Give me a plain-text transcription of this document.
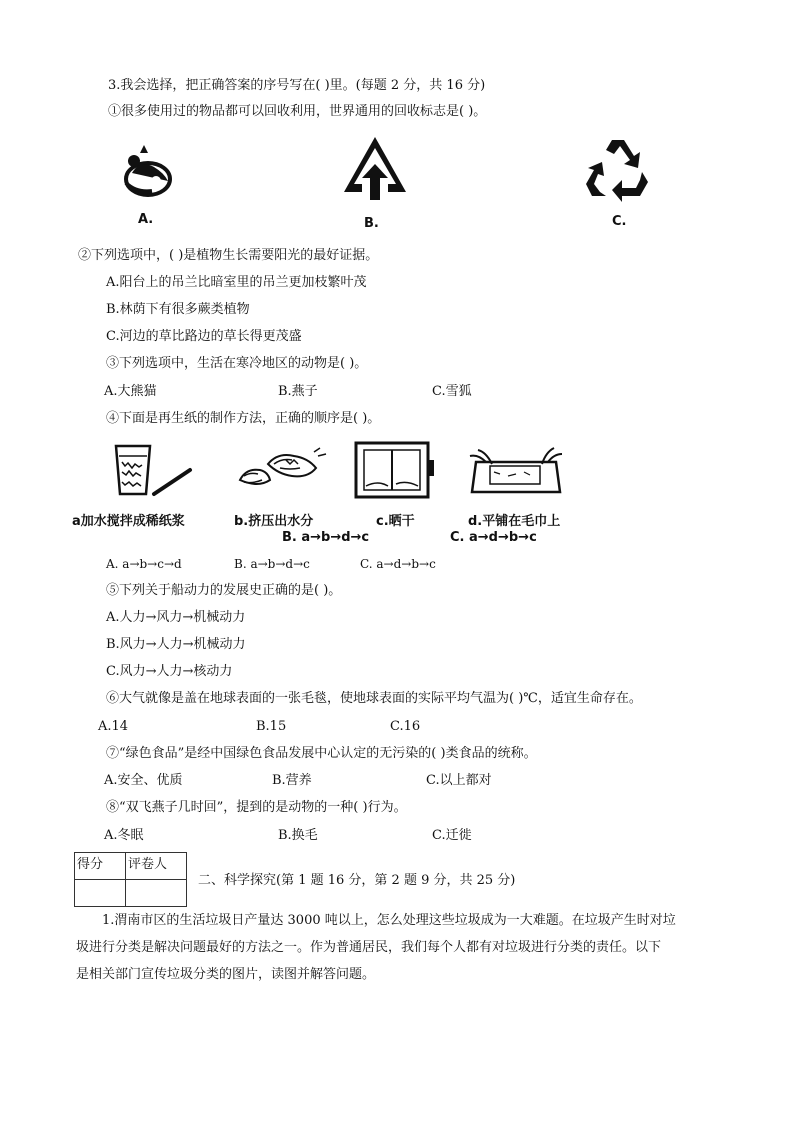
3.我会选择，把正确答案的序号写在( )里。(每题 2 分，共 16 分)
①很多使用过的物品都可以回收利用，世界通用的回收标志是( )。
A.	B.	C.
②下列选项中，( )是植物生长需要阳光的最好证据。
A.阳台上的吊兰比暗室里的吊兰更加枝繁叶茂
B.林荫下有很多蕨类植物
C.河边的草比路边的草长得更茂盛
③下列选项中，生活在寒冷地区的动物是( )。
A.大熊猫	B.燕子	C.雪狐
④下面是再生纸的制作方法，正确的顺序是( )。
a加水搅拌成稀纸浆	b.挤压出水分	c.晒干	d.平铺在毛巾上
B. a→b→d→c	C. a→d→b→c
A. a→b→c→d	B. a→b→d→c	C. a→d→b→c
⑤下列关于船动力的发展史正确的是( )。
A.人力→风力→机械动力
B.风力→人力→机械动力
C.风力→人力→核动力
⑥大气就像是盖在地球表面的一张毛毯，使地球表面的实际平均气温为( )℃，适宜生命存在。
A.14	B.15	C.16
⑦“绿色食品”是经中国绿色食品发展中心认定的无污染的( )类食品的统称。
A.安全、优质	B.营养	C.以上都对
⑧“双飞燕子几时回”，提到的是动物的一种( )行为。
A.冬眠	B.换毛	C.迁徙
得分	评卷人

二、科学探究(第 1 题 16 分，第 2 题 9 分，共 25 分)
1.渭南市区的生活垃圾日产量达 3000 吨以上，怎么处理这些垃圾成为一大难题。在垃圾产生时对垃
圾进行分类是解决问题最好的方法之一。作为普通居民，我们每个人都有对垃圾进行分类的责任。以下
是相关部门宣传垃圾分类的图片，读图并解答问题。
